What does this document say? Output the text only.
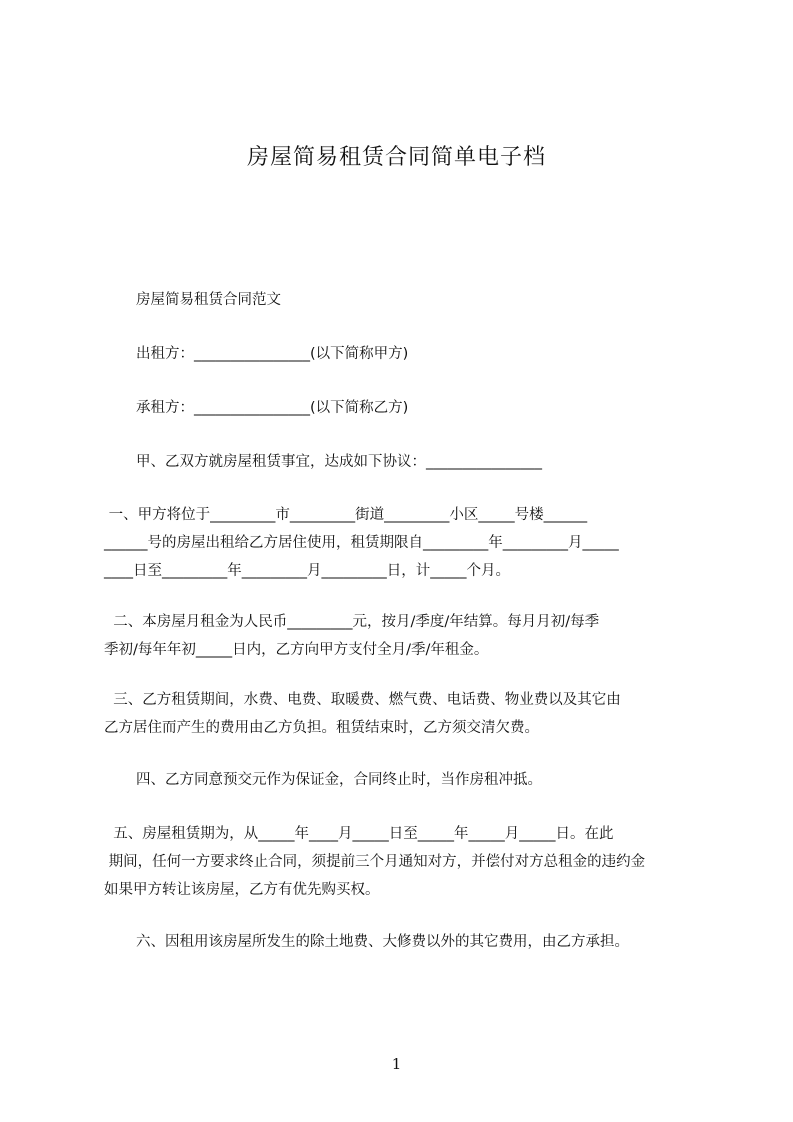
房屋简易租赁合同简单电子档
房屋简易租赁合同范文
出租方：________________(以下简称甲方)
承租方：________________(以下简称乙方)
甲、乙双方就房屋租赁事宜，达成如下协议：________________
一、甲方将位于_________市_________街道_________小区_____号楼______
______号的房屋出租给乙方居住使用，租赁期限自_________年_________月_____
____日至_________年_________月_________日，计_____个月。
二、本房屋月租金为人民币_________元，按月/季度/年结算。每月月初/每季
季初/每年年初_____日内，乙方向甲方支付全月/季/年租金。
三、乙方租赁期间，水费、电费、取暖费、燃气费、电话费、物业费以及其它由
乙方居住而产生的费用由乙方负担。租赁结束时，乙方须交清欠费。
四、乙方同意预交元作为保证金，合同终止时，当作房租冲抵。
五、房屋租赁期为，从_____年____月_____日至_____年_____月_____日。在此
期间，任何一方要求终止合同，须提前三个月通知对方，并偿付对方总租金的违约金
如果甲方转让该房屋，乙方有优先购买权。
六、因租用该房屋所发生的除土地费、大修费以外的其它费用，由乙方承担。
1
